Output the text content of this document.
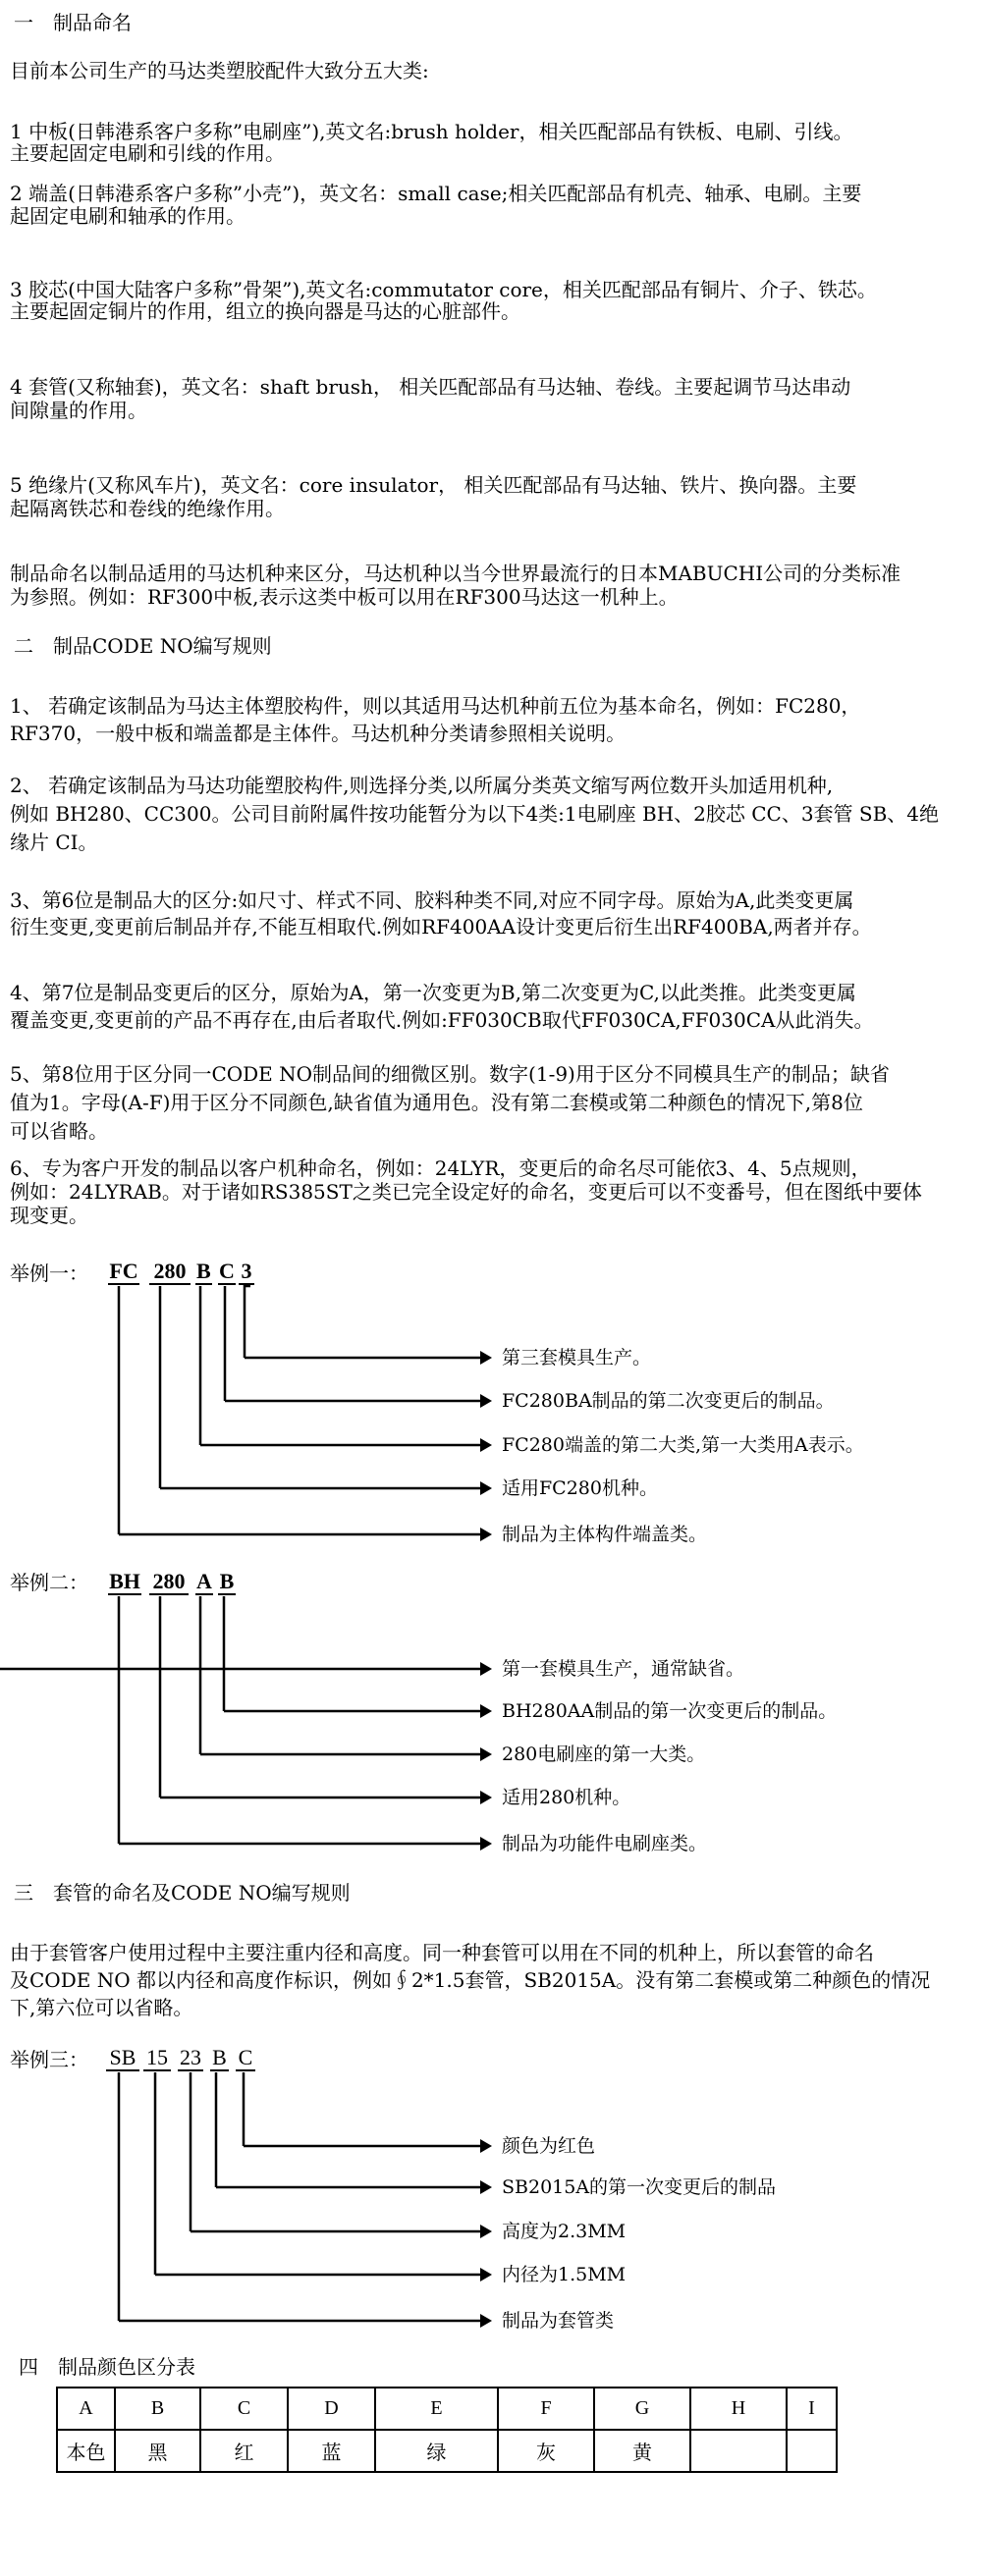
一　制品命名
目前本公司生产的马达类塑胶配件大致分五大类:
1 中板(日韩港系客户多称”电刷座”),英文名:brush holder，相关匹配部品有铁板、电刷、引线。
主要起固定电刷和引线的作用。
2 端盖(日韩港系客户多称”小壳”)，英文名：small case;相关匹配部品有机壳、轴承、电刷。主要
起固定电刷和轴承的作用。
3 胶芯(中国大陆客户多称”骨架”),英文名:commutator core，相关匹配部品有铜片、介子、铁芯。
主要起固定铜片的作用，组立的换向器是马达的心脏部件。
4 套管(又称轴套)，英文名：shaft brush， 相关匹配部品有马达轴、卷线。主要起调节马达串动
间隙量的作用。
5 绝缘片(又称风车片)，英文名：core insulator， 相关匹配部品有马达轴、铁片、换向器。主要
起隔离铁芯和卷线的绝缘作用。
制品命名以制品适用的马达机种来区分，马达机种以当今世界最流行的日本MABUCHI公司的分类标准
为参照。例如：RF300中板,表示这类中板可以用在RF300马达这一机种上。
二　制品CODE NO编写规则
1、 若确定该制品为马达主体塑胶构件，则以其适用马达机种前五位为基本命名，例如：FC280，
RF370，一般中板和端盖都是主体件。马达机种分类请参照相关说明。
2、 若确定该制品为马达功能塑胶构件,则选择分类,以所属分类英文缩写两位数开头加适用机种,
例如 BH280、CC300。公司目前附属件按功能暂分为以下4类:1电刷座 BH、2胶芯 CC、3套管 SB、4绝
缘片 CI。
3、第6位是制品大的区分:如尺寸、样式不同、胶料种类不同,对应不同字母。原始为A,此类变更属
衍生变更,变更前后制品并存,不能互相取代.例如RF400AA设计变更后衍生出RF400BA,两者并存。
4、第7位是制品变更后的区分，原始为A，第一次变更为B,第二次变更为C,以此类推。此类变更属
覆盖变更,变更前的产品不再存在,由后者取代.例如:FF030CB取代FF030CA,FF030CA从此消失。
5、第8位用于区分同一CODE NO制品间的细微区别。数字(1-9)用于区分不同模具生产的制品；缺省
值为1。字母(A-F)用于区分不同颜色,缺省值为通用色。没有第二套模或第二种颜色的情况下,第8位
可以省略。
6、专为客户开发的制品以客户机种命名，例如：24LYR，变更后的命名尽可能依3、4、5点规则，
例如：24LYRAB。对于诸如RS385ST之类已完全设定好的命名，变更后可以不变番号，但在图纸中要体
现变更。
举例一： FC 280 B C 3
第三套模具生产。
FC280BA制品的第二次变更后的制品。
FC280端盖的第二大类,第一大类用A表示。
适用FC280机种。
制品为主体构件端盖类。
举例二： BH 280 A B
第一套模具生产，通常缺省。
BH280AA制品的第一次变更后的制品。
280电刷座的第一大类。
适用280机种。
制品为功能件电刷座类。
三　套管的命名及CODE NO编写规则
由于套管客户使用过程中主要注重内径和高度。同一种套管可以用在不同的机种上，所以套管的命名
及CODE NO 都以内径和高度作标识，例如∮2*1.5套管，SB2015A。没有第二套模或第二种颜色的情况
下,第六位可以省略。
举例三： SB 15 23 B C
颜色为红色
SB2015A的第一次变更后的制品
高度为2.3MM
内径为1.5MM
制品为套管类
四　制品颜色区分表
A	B	C	D	E	F	G	H	I
本色	黑	红	蓝	绿	灰	黄		
